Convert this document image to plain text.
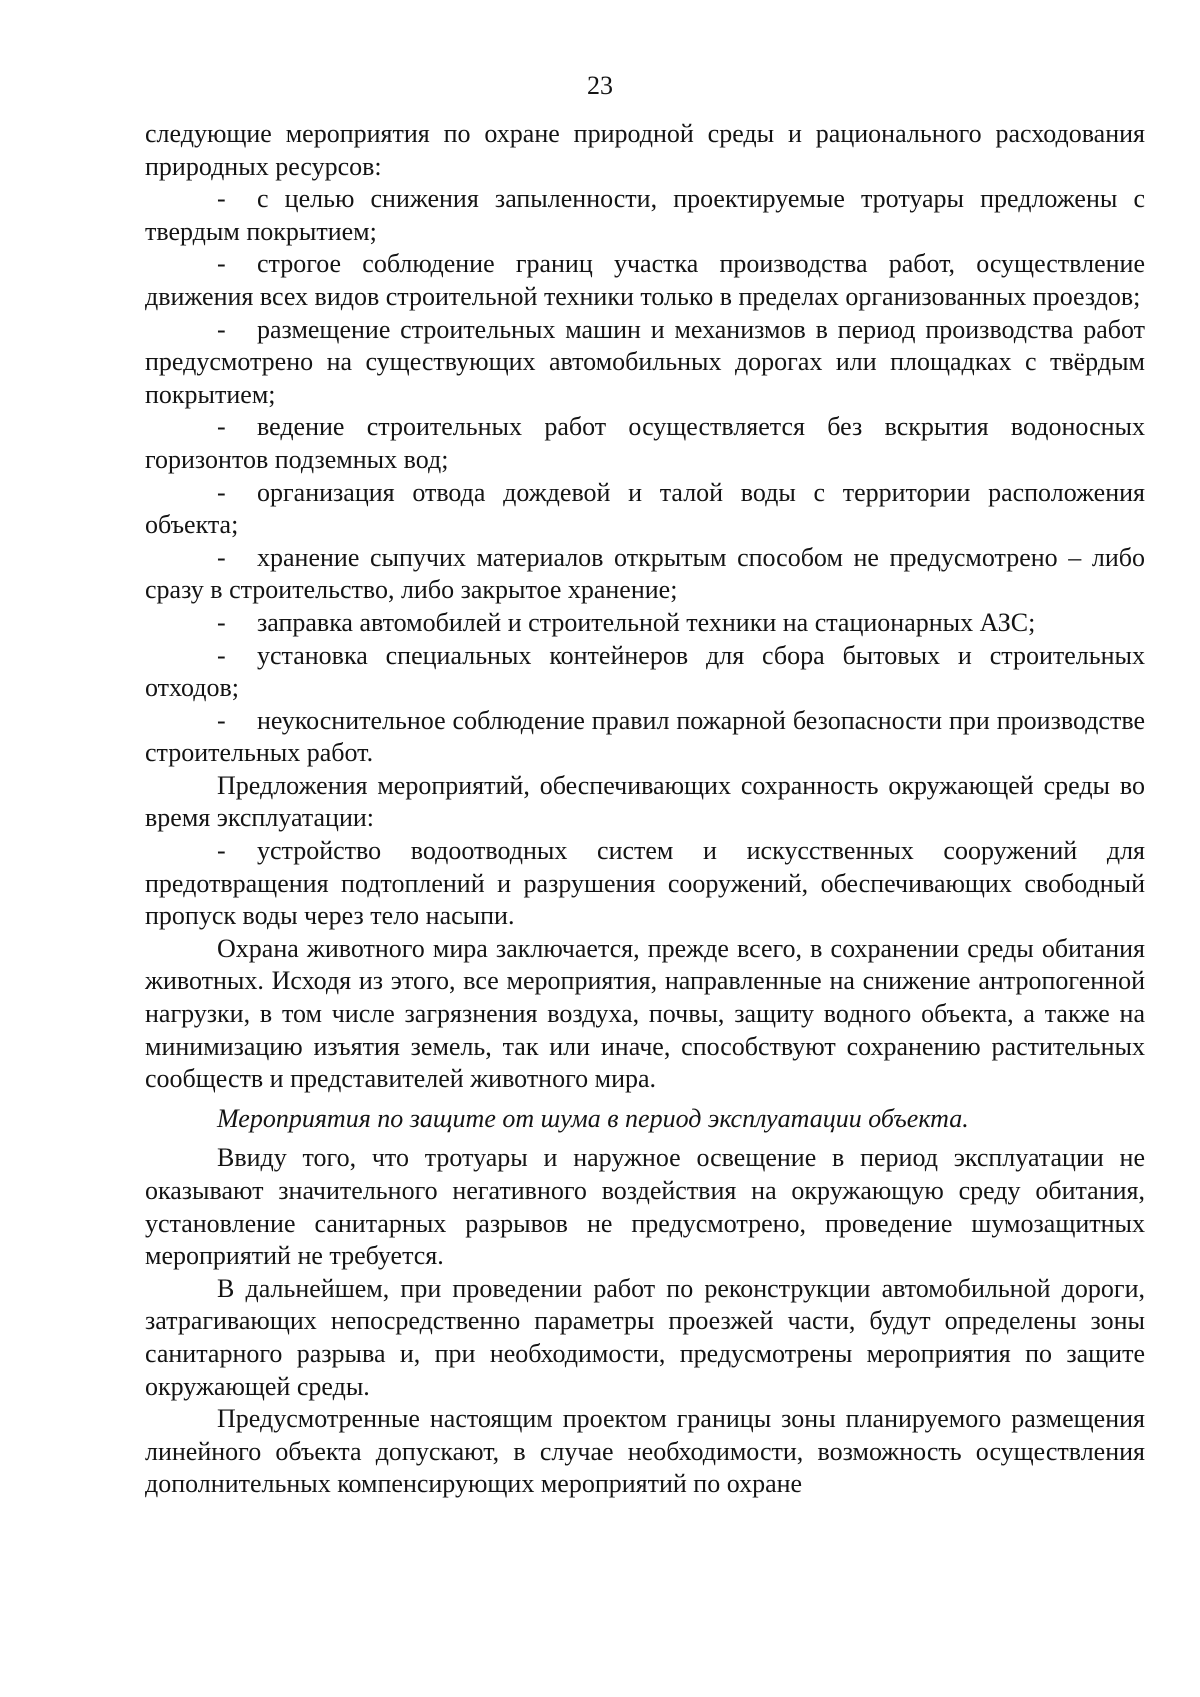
23

следующие мероприятия по охране природной среды и рационального расходования природных ресурсов:

- с целью снижения запыленности, проектируемые тротуары предложены с твердым покрытием;

- строгое соблюдение границ участка производства работ, осуществление движения всех видов строительной техники только в пределах организованных проездов;

- размещение строительных машин и механизмов в период производства работ предусмотрено на существующих автомобильных дорогах или площадках с твёрдым покрытием;

- ведение строительных работ осуществляется без вскрытия водоносных горизонтов подземных вод;

- организация отвода дождевой и талой воды с территории расположения объекта;

- хранение сыпучих материалов открытым способом не предусмотрено – либо сразу в строительство, либо закрытое хранение;

- заправка автомобилей и строительной техники на стационарных АЗС;

- установка специальных контейнеров для сбора бытовых и строительных отходов;

- неукоснительное соблюдение правил пожарной безопасности при производстве строительных работ.

Предложения мероприятий, обеспечивающих сохранность окружающей среды во время эксплуатации:

- устройство водоотводных систем и искусственных сооружений для предотвращения подтоплений и разрушения сооружений, обеспечивающих свободный пропуск воды через тело насыпи.

Охрана животного мира заключается, прежде всего, в сохранении среды обитания животных. Исходя из этого, все мероприятия, направленные на снижение антропогенной нагрузки, в том числе загрязнения воздуха, почвы, защиту водного объекта, а также на минимизацию изъятия земель, так или иначе, способствуют сохранению растительных сообществ и представителей животного мира.

Мероприятия по защите от шума в период эксплуатации объекта.

Ввиду того, что тротуары и наружное освещение в период эксплуатации не оказывают значительного негативного воздействия на окружающую среду обитания, установление санитарных разрывов не предусмотрено, проведение шумозащитных мероприятий не требуется.

В дальнейшем, при проведении работ по реконструкции автомобильной дороги, затрагивающих непосредственно параметры проезжей части, будут определены зоны санитарного разрыва и, при необходимости, предусмотрены мероприятия по защите окружающей среды.

Предусмотренные настоящим проектом границы зоны планируемого размещения линейного объекта допускают, в случае необходимости, возможность осуществления дополнительных компенсирующих мероприятий по охране
